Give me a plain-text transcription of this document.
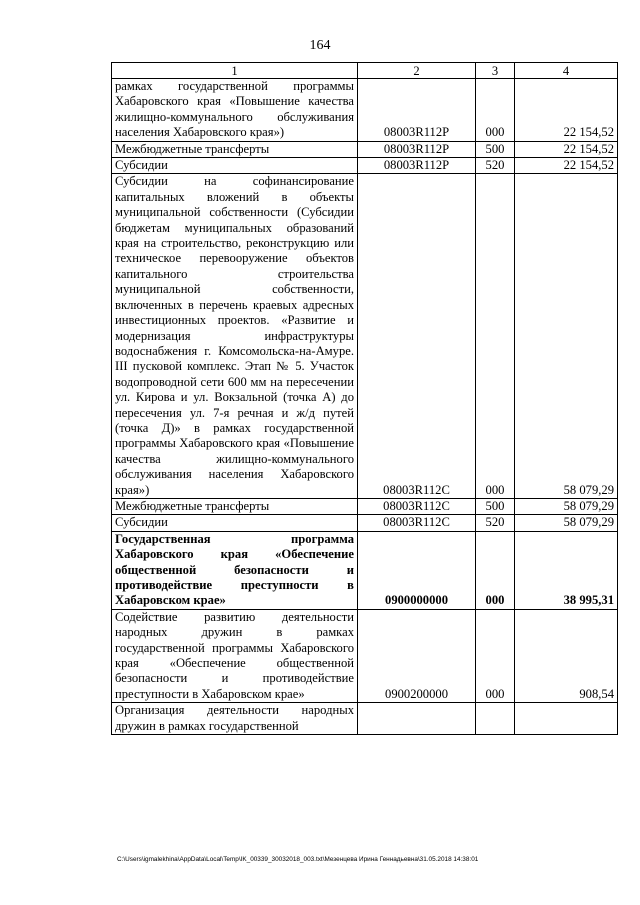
164
1	2	3	4
рамках государственной программы Хабаровского края «Повышение качества жилищно-коммунального обслуживания населения Хабаровского края»)	08003R112P	000	22 154,52
Межбюджетные трансферты	08003R112P	500	22 154,52
Субсидии	08003R112P	520	22 154,52
Субсидии на софинансирование капитальных вложений в объекты муниципальной собственности (Субсидии бюджетам муниципальных образований края на строительство, реконструкцию или техническое перевооружение объектов капитального строительства муниципальной собственности, включенных в перечень краевых адресных инвестиционных проектов. «Развитие и модернизация инфраструктуры водоснабжения г. Комсомольска-на-Амуре. III пусковой комплекс. Этап № 5. Участок водопроводной сети 600 мм на пересечении ул. Кирова и ул. Вокзальной (точка А) до пересечения ул. 7-я речная и ж/д путей (точка Д)» в рамках государственной программы Хабаровского края «Повышение качества жилищно-коммунального обслуживания населения Хабаровского края»)	08003R112C	000	58 079,29
Межбюджетные трансферты	08003R112C	500	58 079,29
Субсидии	08003R112C	520	58 079,29
Государственная программа Хабаровского края «Обеспечение общественной безопасности и противодействие преступности в Хабаровском крае»	0900000000	000	38 995,31
Содействие развитию деятельности народных дружин в рамках государственной программы Хабаровского края «Обеспечение общественной безопасности и противодействие преступности в Хабаровском крае»	0900200000	000	908,54
Организация деятельности народных дружин в рамках государственной			
C:\Users\igmalekhina\AppData\Local\Temp\IK_00339_30032018_003.txt\Мезенцева Ирина Геннадьевна\31.05.2018 14:38:01
